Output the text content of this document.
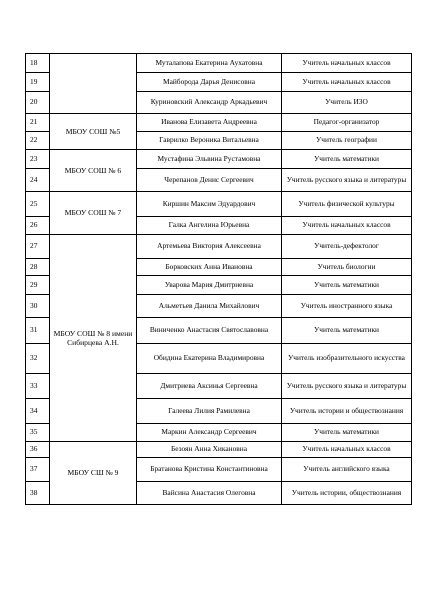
18		Муталапова Екатерина Аухатовна	Учитель начальных классов
19		Майборода Дарья Денисовна	Учитель начальных классов
20		Куриновский Александр Аркадьевич	Учитель ИЗО
21	МБОУ СОШ №5	Иванова Елизавета Андреевна	Педагог-организатор
22		Гаврилко Вероника Витальевна	Учитель географии
23	МБОУ СОШ № 6	Мустафина Эльвина Рустамовна	Учитель математики
24		Черепанов Денис Сергеевич	Учитель русского языка и литературы
25	МБОУ СОШ № 7	Киршин Максим Эдуардович	Учитель физической культуры
26		Галка Ангелина Юрьевна	Учитель начальных классов
27	МБОУ СОШ № 8 имени Сибирцева А.Н.	Артемьева Виктория Алексеевна	Учитель-дефектолог
28		Борковских Анна Ивановна	Учитель биологии
29		Уварова Мария Дмитриевна	Учитель математики
30		Альметьев Данила Михайлович	Учитель иностранного языка
31		Виниченко Анастасия Святославовна	Учитель математики
32		Обидина Екатерина Владимировна	Учитель изобразительного искусства
33		Дмитриева Аксинья Сергеевна	Учитель русского языка и литературы
34		Галеева Лилия Рамилевна	Учитель истории и обществознания
35		Маркин Александр Сергеевич	Учитель математики
36	МБОУ СШ № 9	Безоян Анна Хикановна	Учитель начальных классов
37		Братанова Кристина Константиновна	Учитель английского языка
38		Вайсина Анастасия Олеговна	Учитель истории, обществознания
